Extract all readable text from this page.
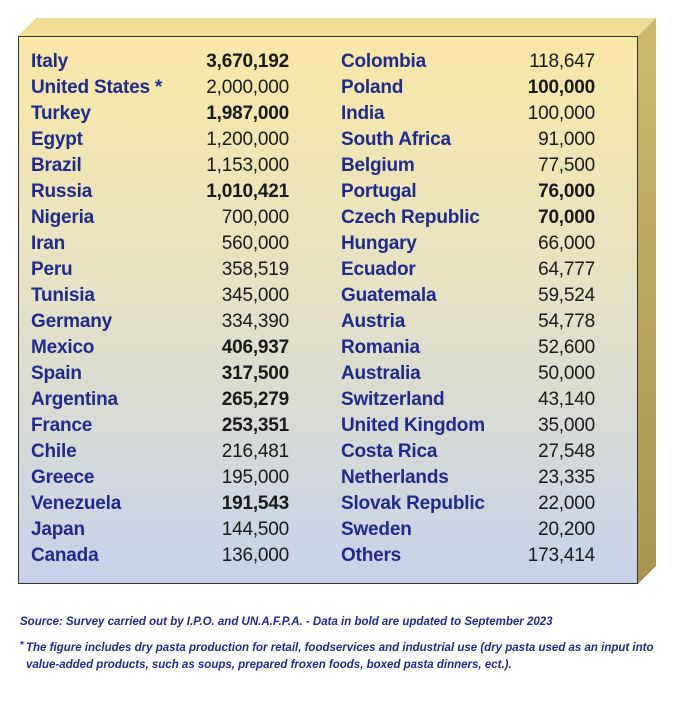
Italy	3,670,192
United States * 2,000,000
Turkey	1,987,000
Egypt	1,200,000
Brazil	1,153,000
Russia	1,010,421
Nigeria	700,000
Iran	560,000
Peru	358,519
Tunisia	345,000
Germany	334,390
Mexico	406,937
Spain	317,500
Argentina	265,279
France	253,351
Chile	216,481
Greece	195,000
Venezuela	191,543
Japan	144,500
Canada	136,000
Colombia	118,647
Poland	100,000
India	100,000
South Africa	91,000
Belgium	77,500
Portugal	76,000
Czech Republic	70,000
Hungary	66,000
Ecuador	64,777
Guatemala	59,524
Austria	54,778
Romania	52,600
Australia	50,000
Switzerland	43,140
United Kingdom	35,000
Costa Rica	27,548
Netherlands	23,335
Slovak Republic	22,000
Sweden	20,200
Others	173,414

Source: Survey carried out by I.P.O. and UN.A.F.P.A. - Data in bold are updated to September 2023

* The figure includes dry pasta production for retail, foodservices and industrial use (dry pasta used as an input into value-added products, such as soups, prepared froxen foods, boxed pasta dinners, ect.).
